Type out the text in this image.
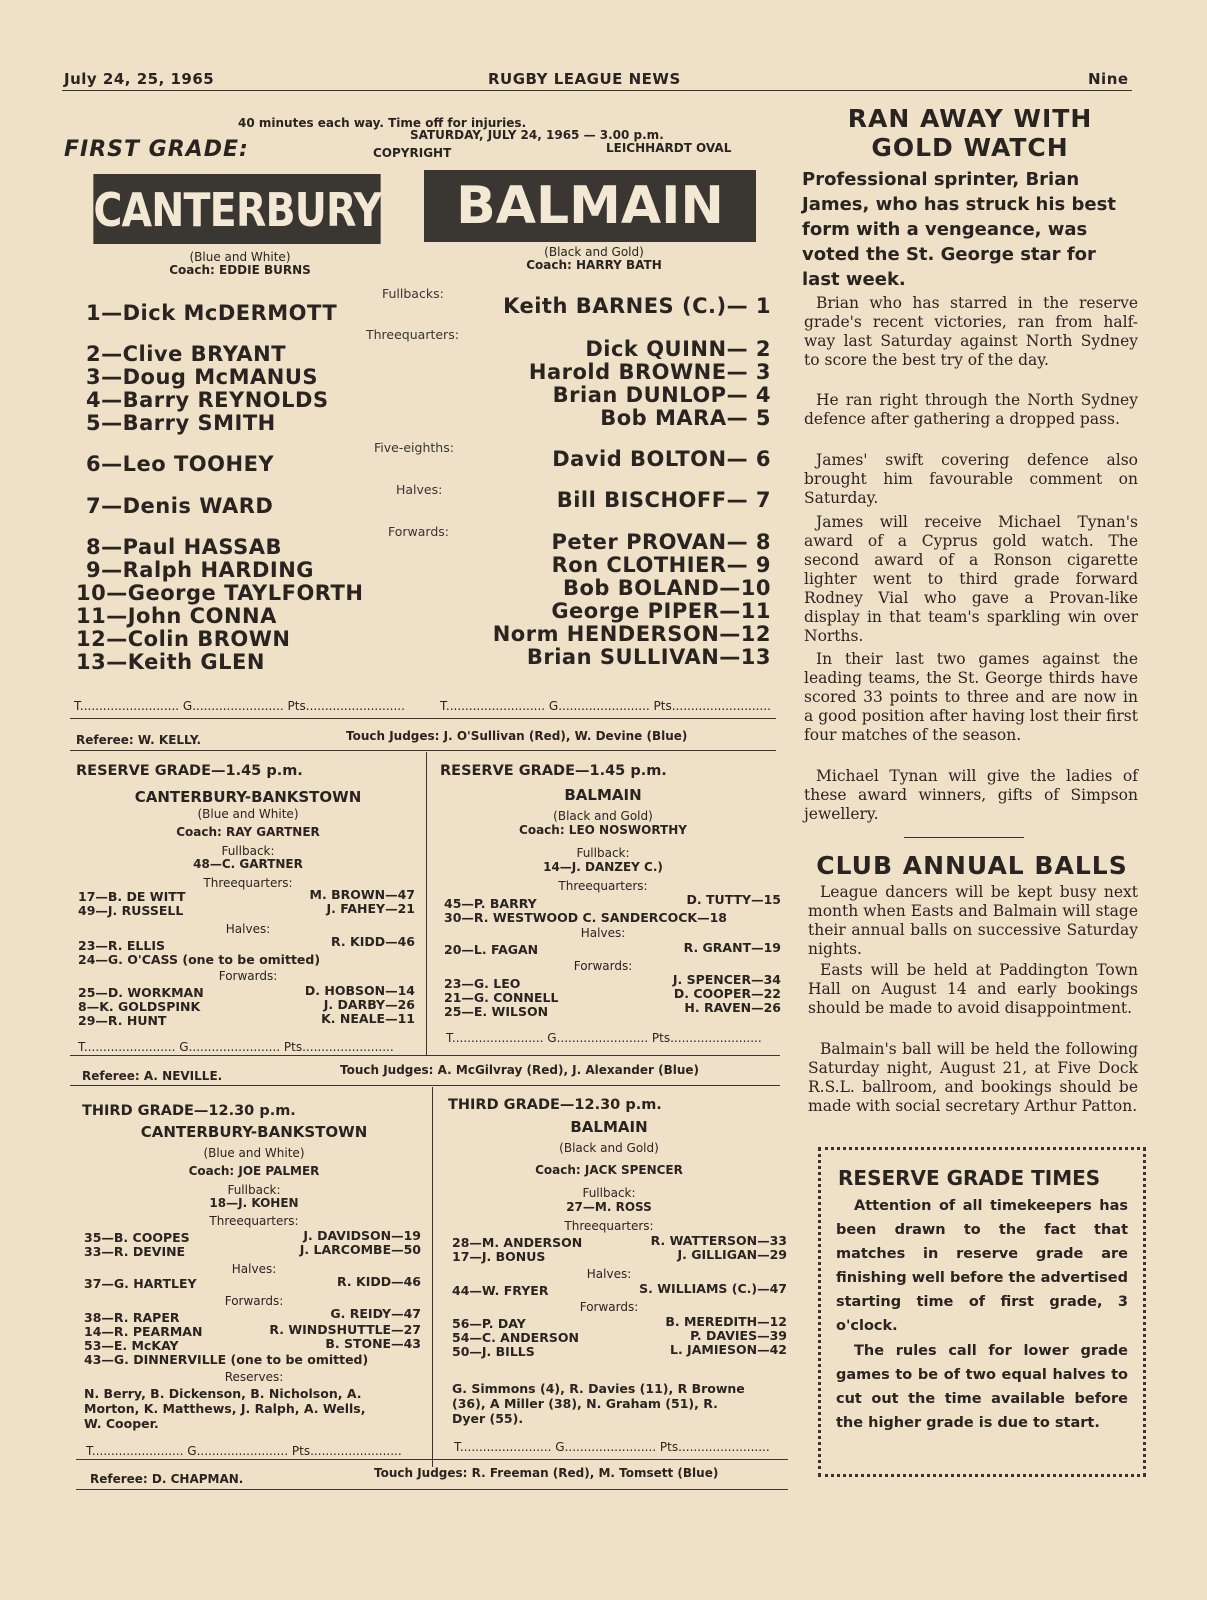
July 24, 25, 1965	RUGBY LEAGUE NEWS	Nine
40 minutes each way. Time off for injuries.
FIRST GRADE:
SATURDAY, JULY 24, 1965 — 3.00 p.m.
COPYRIGHT	LEICHHARDT OVAL
CANTERBURY	BALMAIN
(Blue and White)
Coach: EDDIE BURNS
(Black and Gold)
Coach: HARRY BATH
Fullbacks:
Threequarters:
Five-eighths:
Halves:
Forwards:
1—Dick McDERMOTT
2—Clive BRYANT
3—Doug McMANUS
4—Barry REYNOLDS
5—Barry SMITH
6—Leo TOOHEY
7—Denis WARD
8—Paul HASSAB
9—Ralph HARDING
10—George TAYLFORTH
11—John CONNA
12—Colin BROWN
13—Keith GLEN
Keith BARNES (C.)— 1
Dick QUINN— 2
Harold BROWNE— 3
Brian DUNLOP— 4
Bob MARA— 5
David BOLTON— 6
Bill BISCHOFF— 7
Peter PROVAN— 8
Ron CLOTHIER— 9
Bob BOLAND—10
George PIPER—11
Norm HENDERSON—12
Brian SULLIVAN—13
T.......................... G........................ Pts..........................	T.......................... G........................ Pts..........................
Referee: W. KELLY.	Touch Judges: J. O'Sullivan (Red), W. Devine (Blue)
RESERVE GRADE—1.45 p.m.
CANTERBURY-BANKSTOWN
(Blue and White)
Coach: RAY GARTNER
Fullback:
48—C. GARTNER
Threequarters:
17—B. DE WITT	M. BROWN—47
49—J. RUSSELL	J. FAHEY—21
Halves:
23—R. ELLIS	R. KIDD—46
24—G. O'CASS (one to be omitted)
Forwards:
25—D. WORKMAN	D. HOBSON—14
8—K. GOLDSPINK	J. DARBY—26
29—R. HUNT	K. NEALE—11
T........................ G........................ Pts........................
RESERVE GRADE—1.45 p.m.
BALMAIN
(Black and Gold)
Coach: LEO NOSWORTHY
Fullback:
14—J. DANZEY C.)
Threequarters:
45—P. BARRY	D. TUTTY—15
30—R. WESTWOOD C. SANDERCOCK—18
Halves:
20—L. FAGAN	R. GRANT—19
Forwards:
23—G. LEO	J. SPENCER—34
21—G. CONNELL	D. COOPER—22
25—E. WILSON	H. RAVEN—26
T........................ G........................ Pts........................
Referee: A. NEVILLE.	Touch Judges: A. McGilvray (Red), J. Alexander (Blue)
THIRD GRADE—12.30 p.m.
CANTERBURY-BANKSTOWN
(Blue and White)
Coach: JOE PALMER
Fullback:
18—J. KOHEN
Threequarters:
35—B. COOPES	J. DAVIDSON—19
33—R. DEVINE	J. LARCOMBE—50
Halves:
37—G. HARTLEY	R. KIDD—46
Forwards:
38—R. RAPER	G. REIDY—47
14—R. PEARMAN	R. WINDSHUTTLE—27
53—E. McKAY	B. STONE—43
43—G. DINNERVILLE (one to be omitted)
Reserves:
N. Berry, B. Dickenson, B. Nicholson, A.
Morton, K. Matthews, J. Ralph, A. Wells,
W. Cooper.
T........................ G........................ Pts........................
THIRD GRADE—12.30 p.m.
BALMAIN
(Black and Gold)
Coach: JACK SPENCER
Fullback:
27—M. ROSS
Threequarters:
28—M. ANDERSON	R. WATTERSON—33
17—J. BONUS	J. GILLIGAN—29
Halves:
44—W. FRYER	S. WILLIAMS (C.)—47
Forwards:
56—P. DAY	B. MEREDITH—12
54—C. ANDERSON	P. DAVIES—39
50—J. BILLS	L. JAMIESON—42
G. Simmons (4), R. Davies (11), R Browne
(36), A Miller (38), N. Graham (51), R.
Dyer (55).
T........................ G........................ Pts........................
Referee: D. CHAPMAN.	Touch Judges: R. Freeman (Red), M. Tomsett (Blue)
RAN AWAY WITH
GOLD WATCH
Professional sprinter, Brian
James, who has struck his best
form with a vengeance, was
voted the St. George star for
last week.
Brian who has starred in the reserve grade's recent victories, ran from half-way last Saturday against North Sydney to score the best try of the day.
He ran right through the North Sydney defence after gathering a dropped pass.
James' swift covering defence also brought him favourable comment on Saturday.
James will receive Michael Tynan's award of a Cyprus gold watch. The second award of a Ronson cigarette lighter went to third grade forward Rodney Vial who gave a Provan-like display in that team's sparkling win over Norths.
In their last two games against the leading teams, the St. George thirds have scored 33 points to three and are now in a good position after having lost their first four matches of the season.
Michael Tynan will give the ladies of these award winners, gifts of Simpson jewellery.
CLUB ANNUAL BALLS
League dancers will be kept busy next month when Easts and Balmain will stage their annual balls on successive Saturday nights.
Easts will be held at Paddington Town Hall on August 14 and early bookings should be made to avoid disappointment.
Balmain's ball will be held the following Saturday night, August 21, at Five Dock R.S.L. ballroom, and bookings should be made with social secretary Arthur Patton.
RESERVE GRADE TIMES
Attention of all timekeepers has been drawn to the fact that matches in reserve grade are finishing well before the advertised starting time of first grade, 3 o'clock.
The rules call for lower grade games to be of two equal halves to cut out the time available before the higher grade is due to start.
